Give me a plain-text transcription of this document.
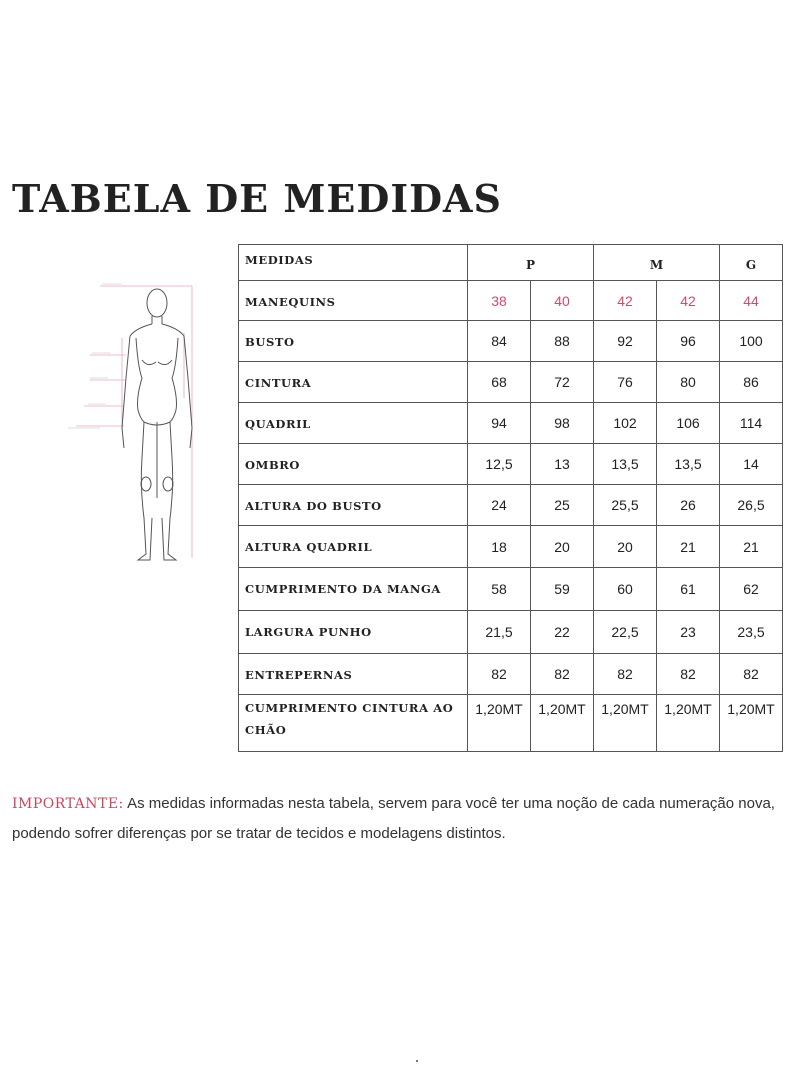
TABELA DE MEDIDAS
MEDIDAS	P		M		G
MANEQUINS	38	40	42	42	44
BUSTO	84	88	92	96	100
CINTURA	68	72	76	80	86
QUADRIL	94	98	102	106	114
OMBRO	12,5	13	13,5	13,5	14
ALTURA DO BUSTO	24	25	25,5	26	26,5
ALTURA QUADRIL	18	20	20	21	21
CUMPRIMENTO DA MANGA	58	59	60	61	62
LARGURA PUNHO	21,5	22	22,5	23	23,5
ENTREPERNAS	82	82	82	82	82
CUMPRIMENTO CINTURA AO CHÃO	1,20MT	1,20MT	1,20MT	1,20MT	1,20MT

IMPORTANTE: As medidas informadas nesta tabela, servem para você ter uma noção de cada numeração nova, podendo sofrer diferenças por se tratar de tecidos e modelagens distintos.
